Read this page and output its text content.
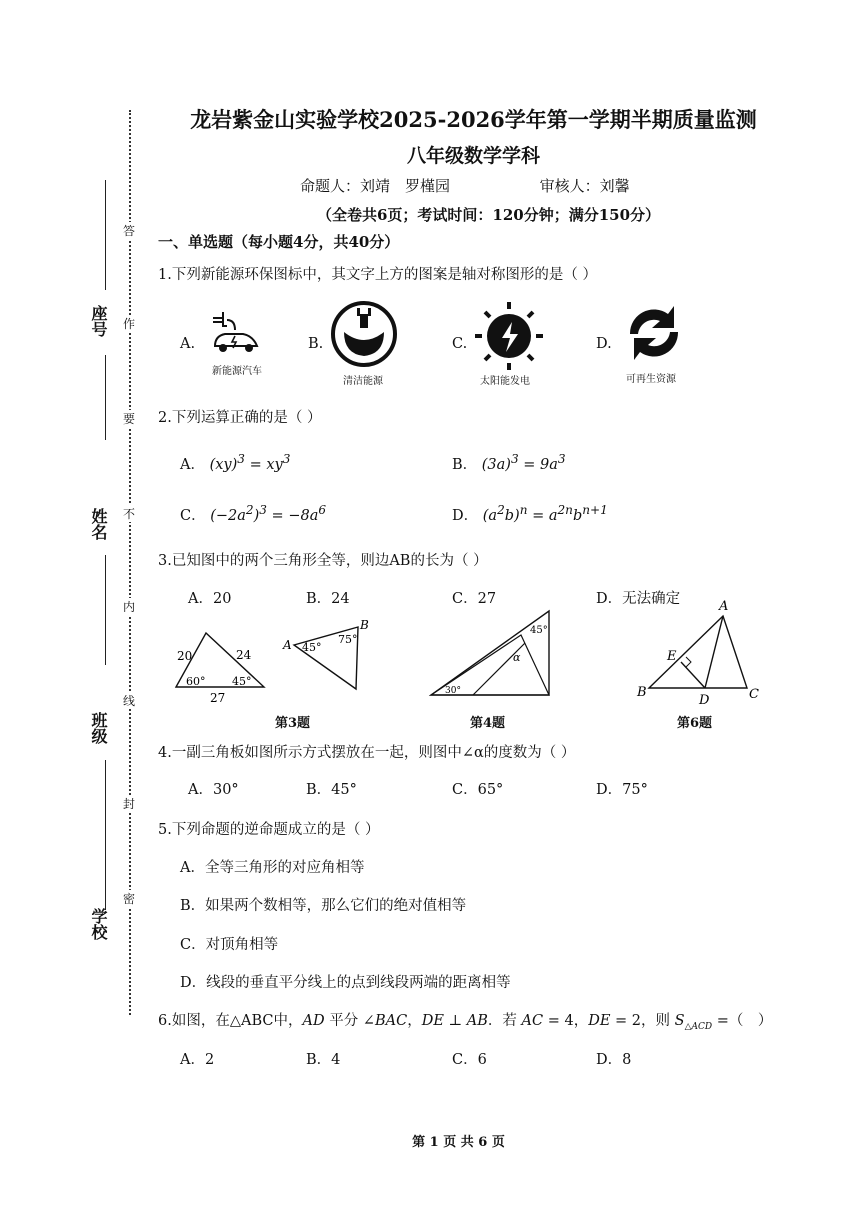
座号
姓名
班级
学校
答
作
要
不
内
线
封
密
龙岩紫金山实验学校2025-2026学年第一学期半期质量监测
八年级数学学科
命题人：刘靖　罗槿园	审核人：刘馨
（全卷共6页；考试时间：120分钟；满分150分）
一、单选题（每小题4分，共40分）
1.下列新能源环保图标中，其文字上方的图案是轴对称图形的是（ ）
A.
新能源汽车
B.
清洁能源
C.
太阳能发电
D.
可再生资源
2.下列运算正确的是（ ）
A． $(xy)^3 = xy^3$	B． $(3a)^3 = 9a^3$
C． $(-2a^2)^3 = -8a^6$	D． $(a^2b)^n = a^{2n}b^{n+1}$
3.已知图中的两个三角形全等，则边AB的长为（ ）
A．20	B．24	C．27	D．无法确定
20	24
60° 45°
27
A
B
45°
75°
第3题
45°
α
30°
第4题
A
E
B
D	C
第6题
4.一副三角板如图所示方式摆放在一起，则图中∠α的度数为（ ）
A．30°	B．45°	C．65°	D．75°
5.下列命题的逆命题成立的是（ ）
A．全等三角形的对应角相等
B．如果两个数相等，那么它们的绝对值相等
C．对顶角相等
D．线段的垂直平分线上的点到线段两端的距离相等
6.如图，在△ABC中，AD 平分 ∠BAC，DE ⊥ AB．若 AC = 4，DE = 2，则 $S_{\triangle ACD}$ =（　）
A．2	B．4	C．6	D．8
第 1 页 共 6 页
